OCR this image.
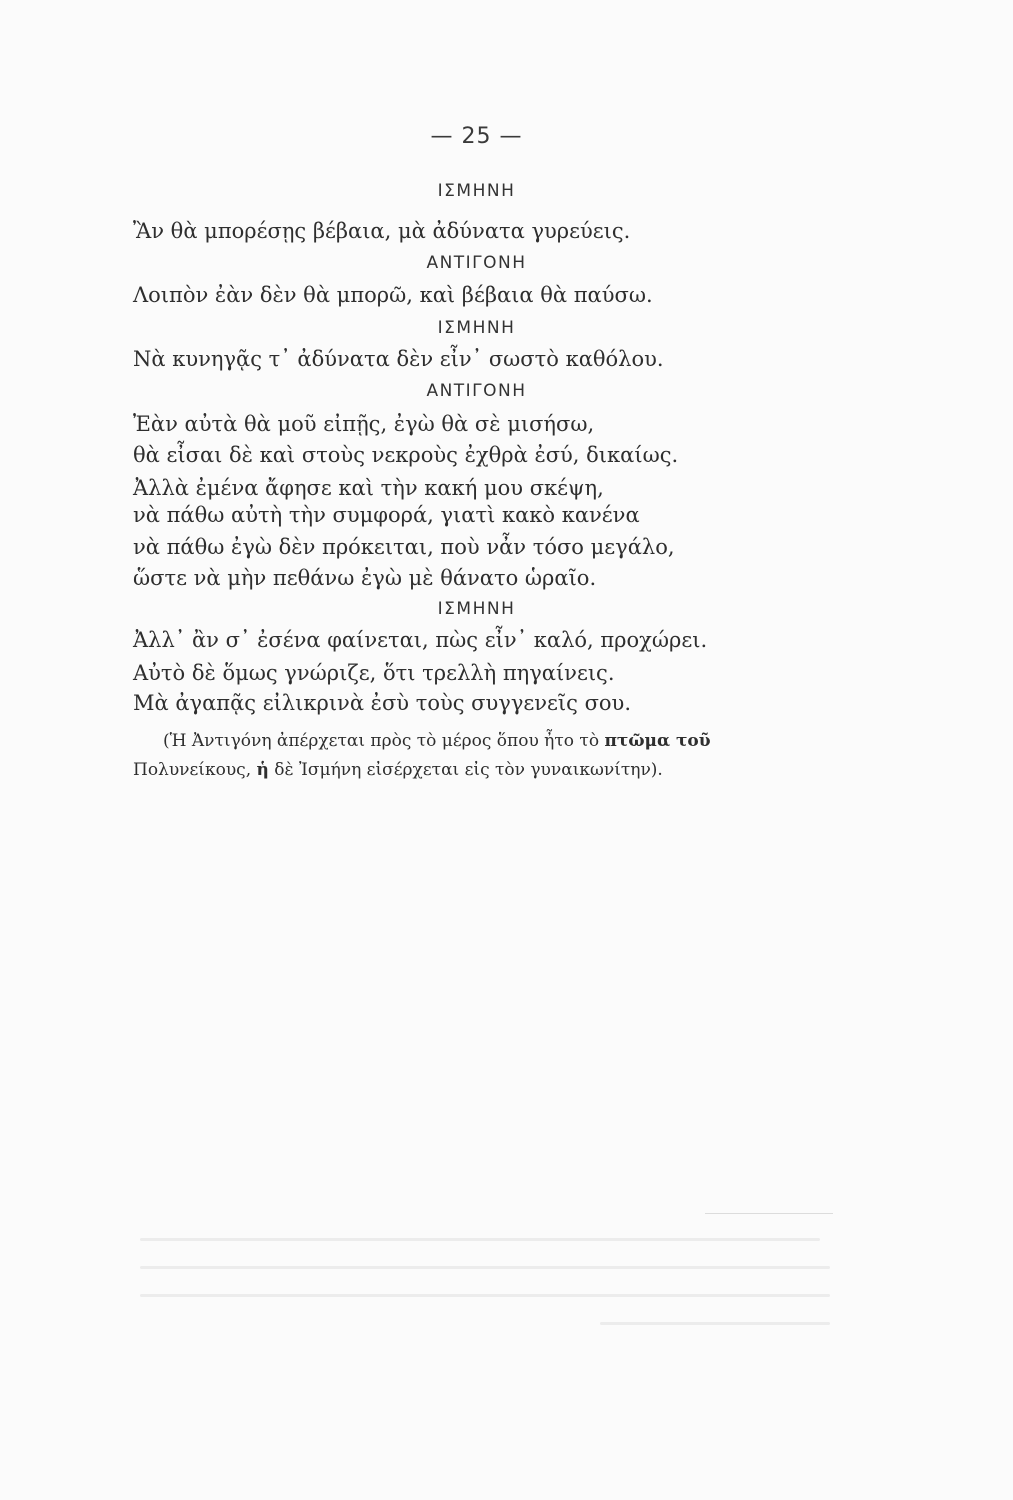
— 25 —
ΙΣΜΗΝΗ
Ἂν θὰ μπορέσῃς βέβαια, μὰ ἀδύνατα γυρεύεις.
ΑΝΤΙΓΟΝΗ
Λοιπὸν ἐὰν δὲν θὰ μπορῶ, καὶ βέβαια θὰ παύσω.
ΙΣΜΗΝΗ
Νὰ κυνηγᾷς τ᾽ ἀδύνατα δὲν εἶν᾽ σωστὸ καθόλου.
ΑΝΤΙΓΟΝΗ
Ἐὰν αὐτὰ θὰ μοῦ εἰπῇς, ἐγὼ θὰ σὲ μισήσω,
θὰ εἶσαι δὲ καὶ στοὺς νεκροὺς ἐχθρὰ ἐσύ, δικαίως.
Ἀλλὰ ἐμένα ἄφησε καὶ τὴν κακή μου σκέψη,
νὰ πάθω αὐτὴ τὴν συμφορά, γιατὶ κακὸ κανένα
νὰ πάθω ἐγὼ δὲν πρόκειται, ποὺ νἆν τόσο μεγάλο,
ὥστε νὰ μὴν πεθάνω ἐγὼ μὲ θάνατο ὡραῖο.
ΙΣΜΗΝΗ
Ἀλλ᾽ ἂν σ᾽ ἐσένα φαίνεται, πὼς εἶν᾽ καλό, προχώρει.
Αὐτὸ δὲ ὅμως γνώριζε, ὅτι τρελλὴ πηγαίνεις.
Μὰ ἀγαπᾷς εἰλικρινὰ ἐσὺ τοὺς συγγενεῖς σου.
(Ἡ Ἀντιγόνη ἀπέρχεται πρὸς τὸ μέρος ὅπου ἦτο τὸ πτῶμα τοῦ
Πολυνείκους, ἡ δὲ Ἰσμήνη εἰσέρχεται εἰς τὸν γυναικωνίτην).
